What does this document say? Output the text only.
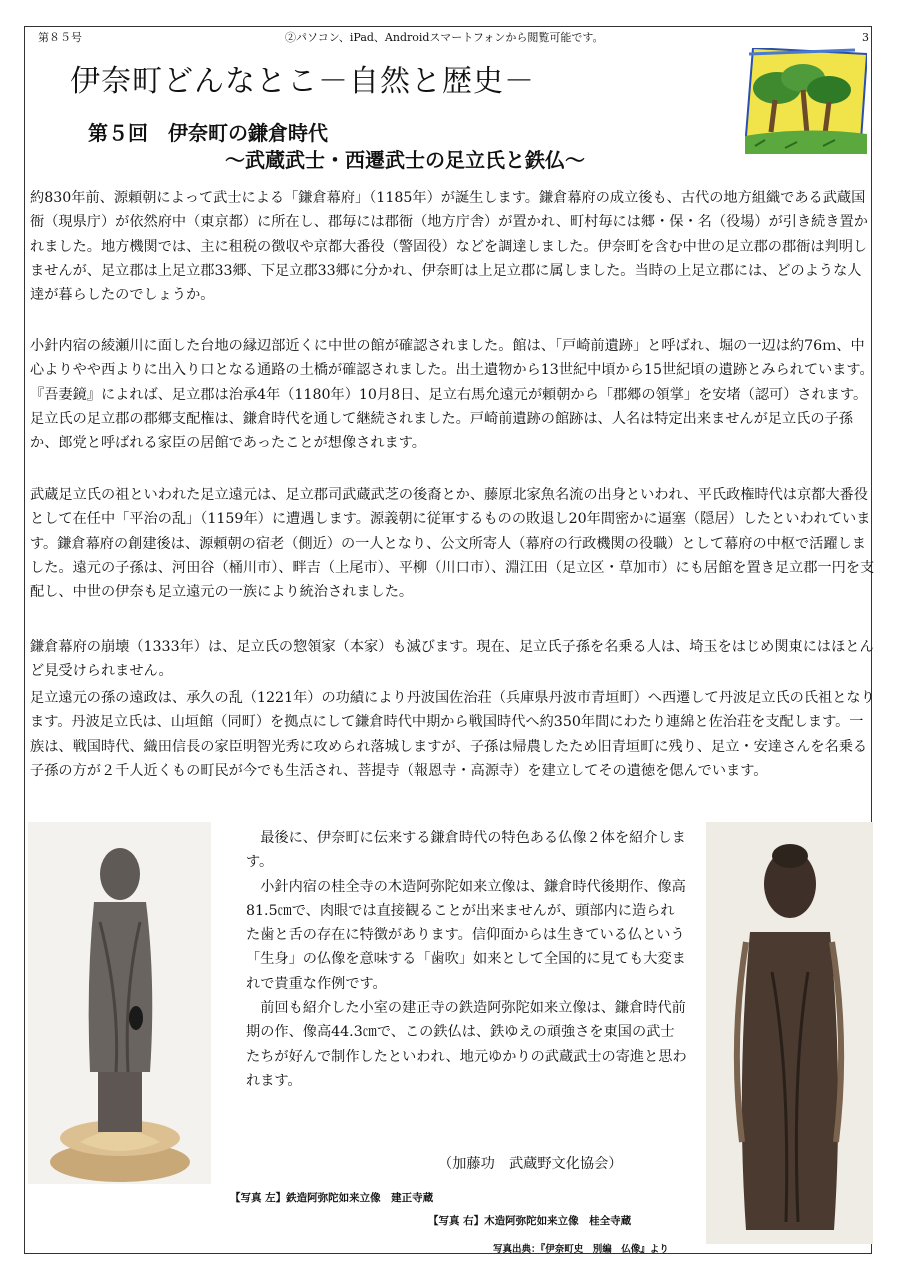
第８５号	②パソコン、iPad、Androidスマートフォンから閲覧可能です。	3
伊奈町どんなとこ－自然と歴史－
第５回　伊奈町の鎌倉時代
～武蔵武士・西遷武士の足立氏と鉄仏～
約830年前、源頼朝によって武士による「鎌倉幕府」（1185年）が誕生します。鎌倉幕府の成立後も、古代の地方組織である武蔵国衙（現県庁）が依然府中（東京都）に所在し、郡毎には郡衙（地方庁舎）が置かれ、町村毎には郷・保・名（役場）が引き続き置かれました。地方機関では、主に租税の徴収や京都大番役（警固役）などを調達しました。伊奈町を含む中世の足立郡の郡衙は判明しませんが、足立郡は上足立郡33郷、下足立郡33郷に分かれ、伊奈町は上足立郡に属しました。当時の上足立郡には、どのような人達が暮らしたのでしょうか。
小針内宿の綾瀬川に面した台地の縁辺部近くに中世の館が確認されました。館は、「戸崎前遺跡」と呼ばれ、堀の一辺は約76ｍ、中心よりやや西よりに出入り口となる通路の土橋が確認されました。出土遺物から13世紀中頃から15世紀頃の遺跡とみられています。『吾妻鏡』によれば、足立郡は治承4年（1180年）10月8日、足立右馬允遠元が頼朝から「郡郷の領掌」を安堵（認可）されます。足立氏の足立郡の郡郷支配権は、鎌倉時代を通して継続されました。戸崎前遺跡の館跡は、人名は特定出来ませんが足立氏の子孫か、郎党と呼ばれる家臣の居館であったことが想像されます。
武蔵足立氏の祖といわれた足立遠元は、足立郡司武蔵武芝の後裔とか、藤原北家魚名流の出身といわれ、平氏政権時代は京都大番役として在任中「平治の乱」（1159年）に遭遇します。源義朝に従軍するものの敗退し20年間密かに逼塞（隠居）したといわれています。鎌倉幕府の創建後は、源頼朝の宿老（側近）の一人となり、公文所寄人（幕府の行政機関の役職）として幕府の中枢で活躍しました。遠元の子孫は、河田谷（桶川市）、畔吉（上尾市）、平柳（川口市）、淵江田（足立区・草加市）にも居館を置き足立郡一円を支配し、中世の伊奈も足立遠元の一族により統治されました。
鎌倉幕府の崩壊（1333年）は、足立氏の惣領家（本家）も滅びます。現在、足立氏子孫を名乗る人は、埼玉をはじめ関東にはほとんど見受けられません。
足立遠元の孫の遠政は、承久の乱（1221年）の功績により丹波国佐治荘（兵庫県丹波市青垣町）へ西遷して丹波足立氏の氏祖となります。丹波足立氏は、山垣館（同町）を拠点にして鎌倉時代中期から戦国時代へ約350年間にわたり連綿と佐治荘を支配します。一族は、戦国時代、織田信長の家臣明智光秀に攻められ落城しますが、子孫は帰農したため旧青垣町に残り、足立・安達さんを名乗る子孫の方が２千人近くもの町民が今でも生活され、菩提寺（報恩寺・高源寺）を建立してその遺徳を偲んでいます。

最後に、伊奈町に伝来する鎌倉時代の特色ある仏像２体を紹介します。

小針内宿の桂全寺の木造阿弥陀如来立像は、鎌倉時代後期作、像高81.5㎝で、肉眼では直接観ることが出来ませんが、頭部内に造られた歯と舌の存在に特徴があります。信仰面からは生きている仏という「生身」の仏像を意味する「歯吹」如来として全国的に見ても大変まれで貴重な作例です。

前回も紹介した小室の建正寺の鉄造阿弥陀如来立像は、鎌倉時代前期の作、像高44.3㎝で、この鉄仏は、鉄ゆえの頑強さを東国の武士たちが好んで制作したといわれ、地元ゆかりの武蔵武士の寄進と思われます。

（加藤功　武蔵野文化協会）
【写真 左】鉄造阿弥陀如来立像　建正寺蔵
【写真 右】木造阿弥陀如来立像　桂全寺蔵
写真出典：『伊奈町史　別編　仏像』より
